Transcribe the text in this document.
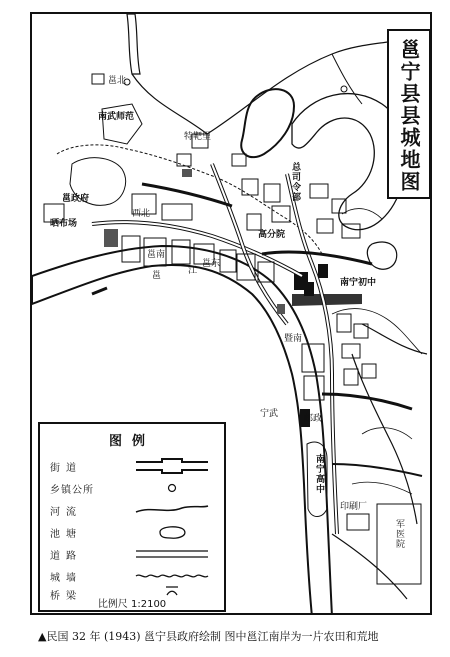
南武师范
特靶里
邕政府
晒布场
总司令部
高分院
南宁初中
南宁高中
军医院
印刷厂
邕	江
邕南
邕东
西北
宁武
邕北
邮政
暨南
邕宁县县城地图
图例
街道
乡镇公所
河流
池塘
道路
城墙
桥梁
比例尺 1:2100
▲民国 32 年 (1943) 邕宁县政府绘制 图中邕江南岸为一片农田和荒地
